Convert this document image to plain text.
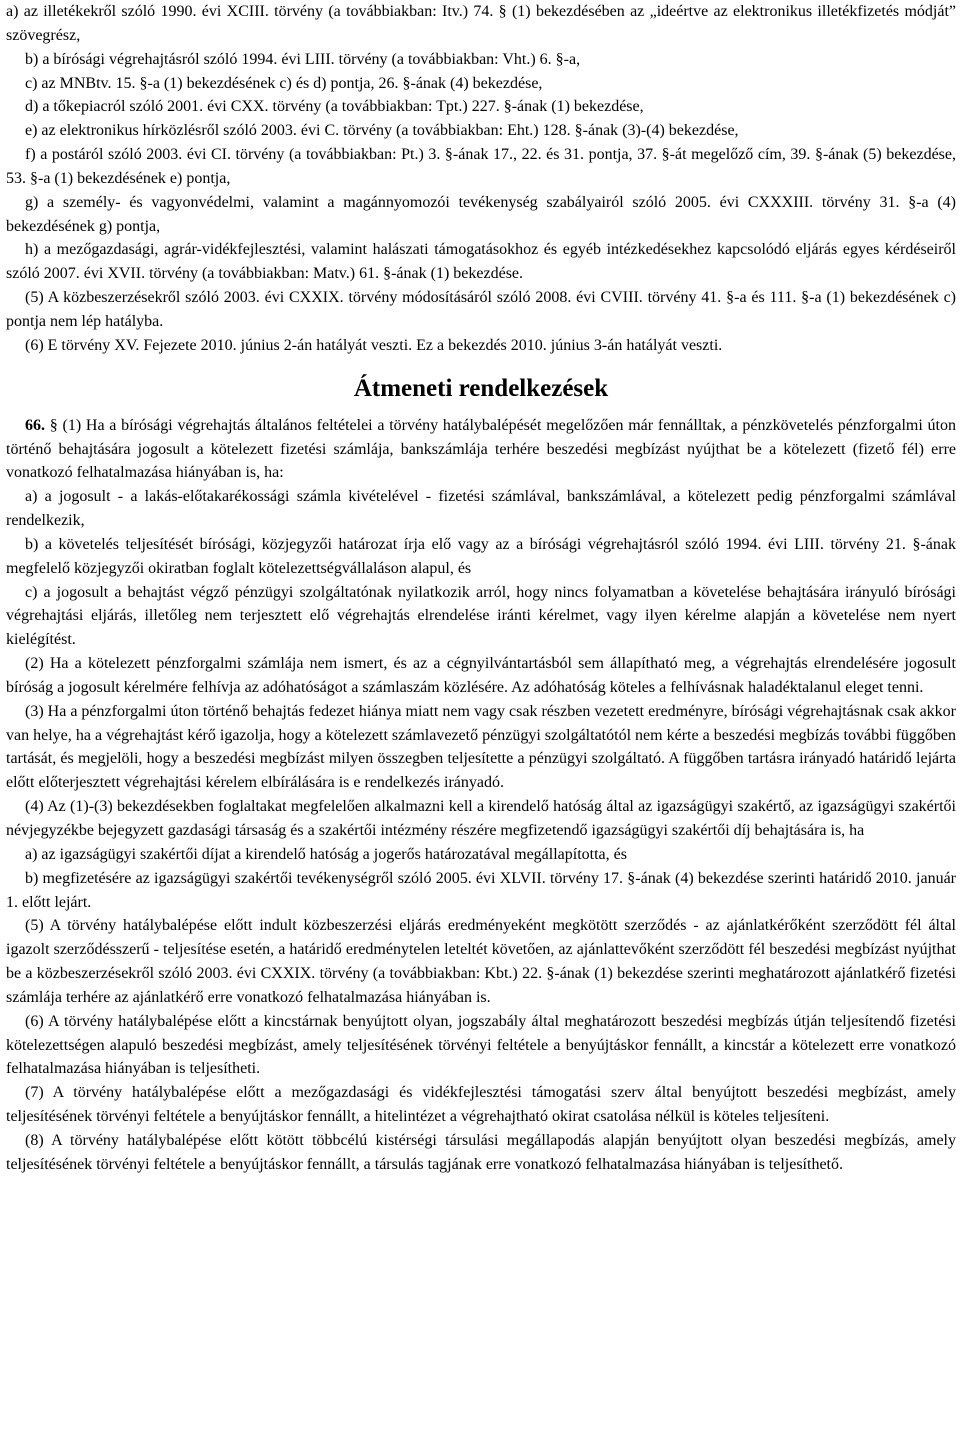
a) az illetékekről szóló 1990. évi XCIII. törvény (a továbbiakban: Itv.) 74. § (1) bekezdésében az „ideértve az elektronikus illetékfizetés módját” szövegrész,

b) a bírósági végrehajtásról szóló 1994. évi LIII. törvény (a továbbiakban: Vht.) 6. §-a,

c) az MNBtv. 15. §-a (1) bekezdésének c) és d) pontja, 26. §-ának (4) bekezdése,

d) a tőkepiacról szóló 2001. évi CXX. törvény (a továbbiakban: Tpt.) 227. §-ának (1) bekezdése,

e) az elektronikus hírközlésről szóló 2003. évi C. törvény (a továbbiakban: Eht.) 128. §-ának (3)-(4) bekezdése,

f) a postáról szóló 2003. évi CI. törvény (a továbbiakban: Pt.) 3. §-ának 17., 22. és 31. pontja, 37. §-át megelőző cím, 39. §-ának (5) bekezdése, 53. §-a (1) bekezdésének e) pontja,

g) a személy- és vagyonvédelmi, valamint a magánnyomozói tevékenység szabályairól szóló 2005. évi CXXXIII. törvény 31. §-a (4) bekezdésének g) pontja,

h) a mezőgazdasági, agrár-vidékfejlesztési, valamint halászati támogatásokhoz és egyéb intézkedésekhez kapcsolódó eljárás egyes kérdéseiről szóló 2007. évi XVII. törvény (a továbbiakban: Matv.) 61. §-ának (1) bekezdése.

(5) A közbeszerzésekről szóló 2003. évi CXXIX. törvény módosításáról szóló 2008. évi CVIII. törvény 41. §-a és 111. §-a (1) bekezdésének c) pontja nem lép hatályba.

(6) E törvény XV. Fejezete 2010. június 2-án hatályát veszti. Ez a bekezdés 2010. június 3-án hatályát veszti.

Átmeneti rendelkezések

66. § (1) Ha a bírósági végrehajtás általános feltételei a törvény hatálybalépését megelőzően már fennálltak, a pénzkövetelés pénzforgalmi úton történő behajtására jogosult a kötelezett fizetési számlája, bankszámlája terhére beszedési megbízást nyújthat be a kötelezett (fizető fél) erre vonatkozó felhatalmazása hiányában is, ha:

a) a jogosult - a lakás-előtakarékossági számla kivételével - fizetési számlával, bankszámlával, a kötelezett pedig pénzforgalmi számlával rendelkezik,

b) a követelés teljesítését bírósági, közjegyzői határozat írja elő vagy az a bírósági végrehajtásról szóló 1994. évi LIII. törvény 21. §-ának megfelelő közjegyzői okiratban foglalt kötelezettségvállaláson alapul, és

c) a jogosult a behajtást végző pénzügyi szolgáltatónak nyilatkozik arról, hogy nincs folyamatban a követelése behajtására irányuló bírósági végrehajtási eljárás, illetőleg nem terjesztett elő végrehajtás elrendelése iránti kérelmet, vagy ilyen kérelme alapján a követelése nem nyert kielégítést.

(2) Ha a kötelezett pénzforgalmi számlája nem ismert, és az a cégnyilvántartásból sem állapítható meg, a végrehajtás elrendelésére jogosult bíróság a jogosult kérelmére felhívja az adóhatóságot a számlaszám közlésére. Az adóhatóság köteles a felhívásnak haladéktalanul eleget tenni.

(3) Ha a pénzforgalmi úton történő behajtás fedezet hiánya miatt nem vagy csak részben vezetett eredményre, bírósági végrehajtásnak csak akkor van helye, ha a végrehajtást kérő igazolja, hogy a kötelezett számlavezető pénzügyi szolgáltatótól nem kérte a beszedési megbízás további függőben tartását, és megjelöli, hogy a beszedési megbízást milyen összegben teljesítette a pénzügyi szolgáltató. A függőben tartásra irányadó határidő lejárta előtt előterjesztett végrehajtási kérelem elbírálására is e rendelkezés irányadó.

(4) Az (1)-(3) bekezdésekben foglaltakat megfelelően alkalmazni kell a kirendelő hatóság által az igazságügyi szakértő, az igazságügyi szakértői névjegyzékbe bejegyzett gazdasági társaság és a szakértői intézmény részére megfizetendő igazságügyi szakértői díj behajtására is, ha

a) az igazságügyi szakértői díjat a kirendelő hatóság a jogerős határozatával megállapította, és

b) megfizetésére az igazságügyi szakértői tevékenységről szóló 2005. évi XLVII. törvény 17. §-ának (4) bekezdése szerinti határidő 2010. január 1. előtt lejárt.

(5) A törvény hatálybalépése előtt indult közbeszerzési eljárás eredményeként megkötött szerződés - az ajánlatkérőként szerződött fél által igazolt szerződésszerű - teljesítése esetén, a határidő eredménytelen leteltét követően, az ajánlattevőként szerződött fél beszedési megbízást nyújthat be a közbeszerzésekről szóló 2003. évi CXXIX. törvény (a továbbiakban: Kbt.) 22. §-ának (1) bekezdése szerinti meghatározott ajánlatkérő fizetési számlája terhére az ajánlatkérő erre vonatkozó felhatalmazása hiányában is.

(6) A törvény hatálybalépése előtt a kincstárnak benyújtott olyan, jogszabály által meghatározott beszedési megbízás útján teljesítendő fizetési kötelezettségen alapuló beszedési megbízást, amely teljesítésének törvényi feltétele a benyújtáskor fennállt, a kincstár a kötelezett erre vonatkozó felhatalmazása hiányában is teljesítheti.

(7) A törvény hatálybalépése előtt a mezőgazdasági és vidékfejlesztési támogatási szerv által benyújtott beszedési megbízást, amely teljesítésének törvényi feltétele a benyújtáskor fennállt, a hitelintézet a végrehajtható okirat csatolása nélkül is köteles teljesíteni.

(8) A törvény hatálybalépése előtt kötött többcélú kistérségi társulási megállapodás alapján benyújtott olyan beszedési megbízás, amely teljesítésének törvényi feltétele a benyújtáskor fennállt, a társulás tagjának erre vonatkozó felhatalmazása hiányában is teljesíthető.
